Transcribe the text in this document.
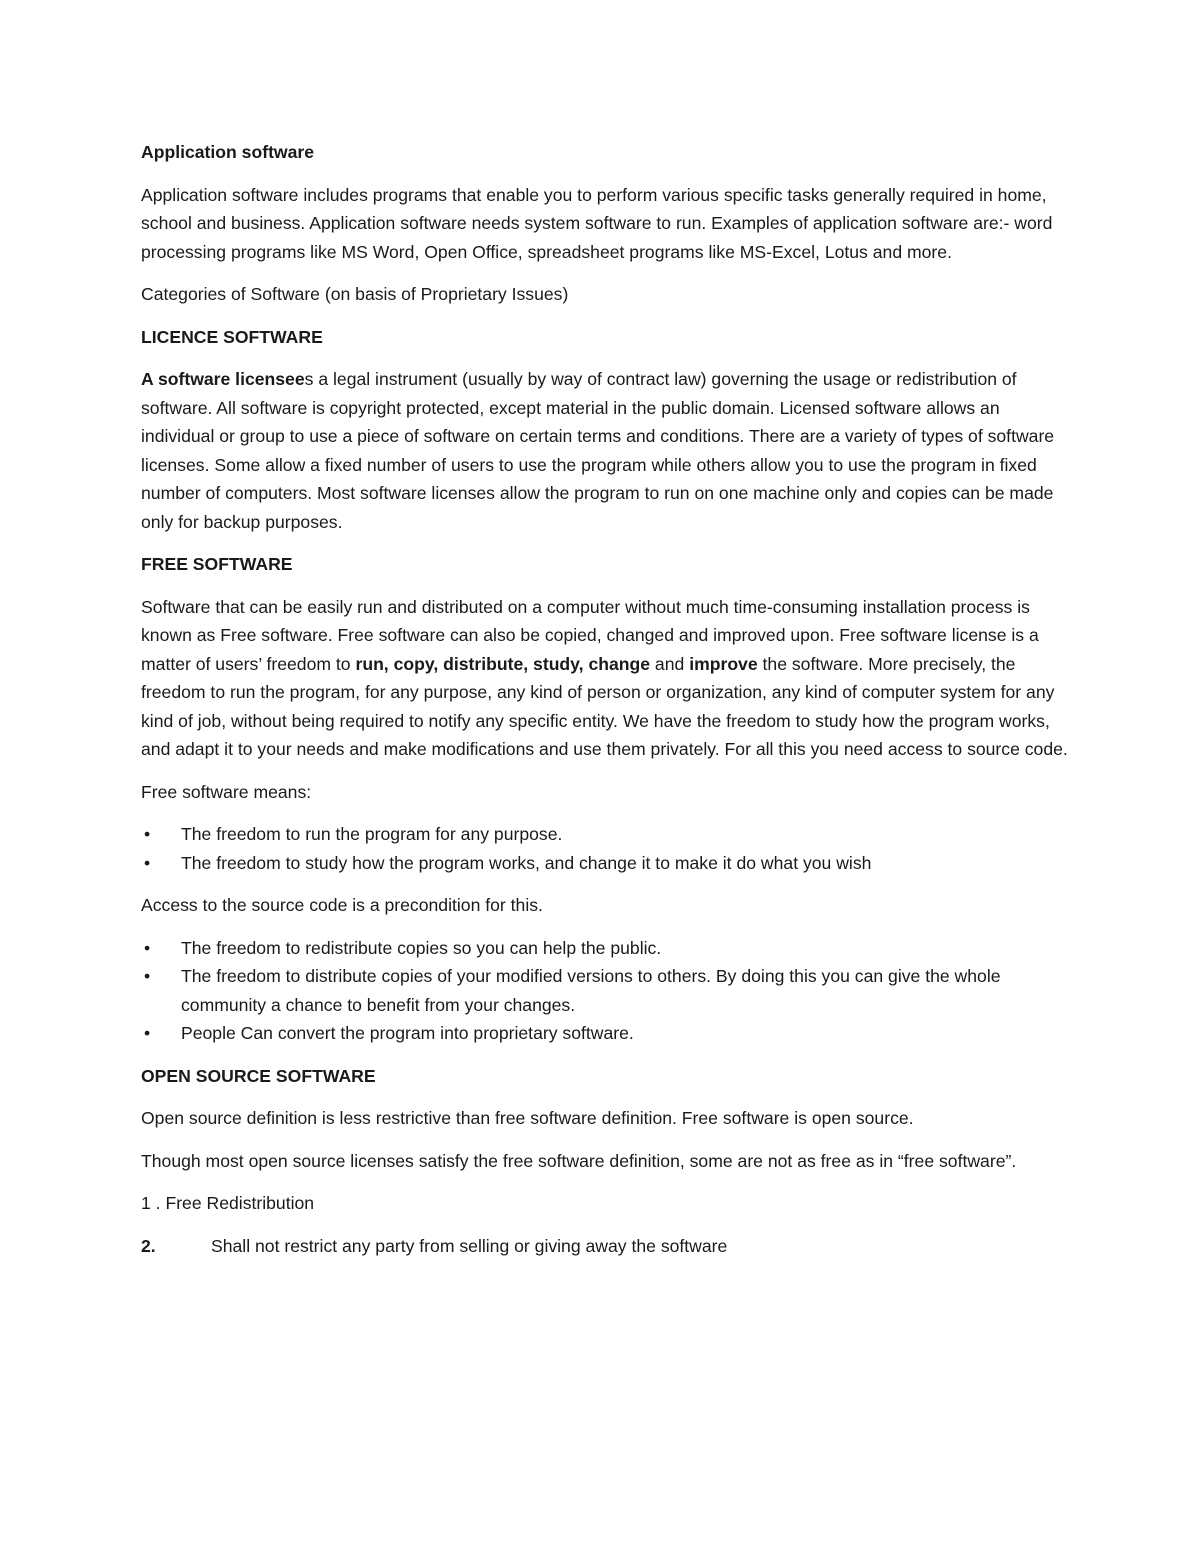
Application software

Application software includes programs that enable you to perform various specific tasks generally required in home, school and business. Application software needs system software to run. Examples of application software are:- word processing programs like MS Word, Open Office, spreadsheet programs like MS-Excel, Lotus and more.

Categories of Software (on basis of Proprietary Issues)

LICENCE SOFTWARE

A software licensees a legal instrument (usually by way of contract law) governing the usage or redistribution of software. All software is copyright protected, except material in the public domain. Licensed software allows an individual or group to use a piece of software on certain terms and conditions. There are a variety of types of software licenses. Some allow a fixed number of users to use the program while others allow you to use the program in fixed number of computers. Most software licenses allow the program to run on one machine only and copies can be made only for backup purposes.

FREE SOFTWARE

Software that can be easily run and distributed on a computer without much time-consuming installation process is known as Free software. Free software can also be copied, changed and improved upon. Free software license is a matter of users’ freedom to run, copy, distribute, study, change and improve the software. More precisely, the freedom to run the program, for any purpose, any kind of person or organization, any kind of computer system for any kind of job, without being required to notify any specific entity. We have the freedom to study how the program works, and adapt it to your needs and make modifications and use them privately. For all this you need access to source code.

Free software means:

• The freedom to run the program for any purpose.
• The freedom to study how the program works, and change it to make it do what you wish

Access to the source code is a precondition for this.

• The freedom to redistribute copies so you can help the public.
• The freedom to distribute copies of your modified versions to others. By doing this you can give the whole community a chance to benefit from your changes.
• People Can convert the program into proprietary software.

OPEN SOURCE SOFTWARE

Open source definition is less restrictive than free software definition. Free software is open source.

Though most open source licenses satisfy the free software definition, some are not as free as in “free software”.

1 . Free Redistribution

2.	Shall not restrict any party from selling or giving away the software
